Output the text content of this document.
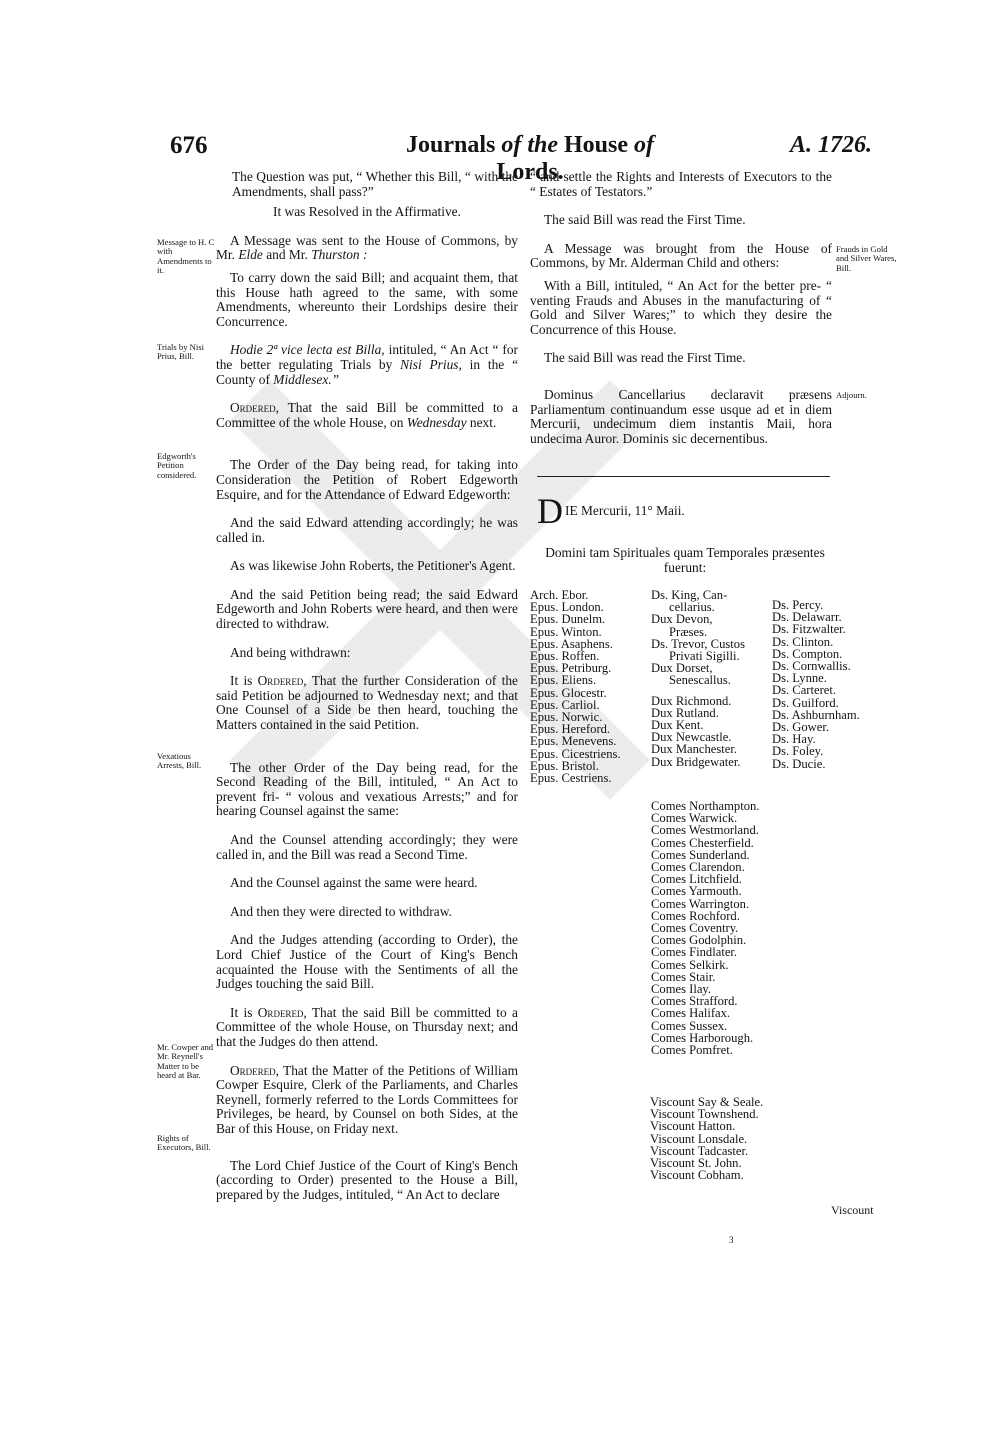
676	Journals of the House of Lords.
A. 1726.
Message to H. C with Amendments to it.
Trials by Nisi Prius, Bill.
Edgworth's Petition considered.
Vexatious Arrests, Bill.
Mr. Cowper and Mr. Reynell's Matter to be heard at Bar.
Rights of Executors, Bill.

The Question was put, “ Whether this Bill, “ with the Amendments, shall pass?”

It was Resolved in the Affirmative.

A Message was sent to the House of Commons, by Mr. Elde and Mr. Thurston :

To carry down the said Bill; and acquaint them, that this House hath agreed to the same, with some Amendments, whereunto their Lordships desire their Concurrence.

Hodie 2ª vice lecta est Billa, intituled, “ An Act “ for the better regulating Trials by Nisi Prius, in the “ County of Middlesex.”

Ordered, That the said Bill be committed to a Committee of the whole House, on Wednesday next.

The Order of the Day being read, for taking into Consideration the Petition of Robert Edgeworth Esquire, and for the Attendance of Edward Edgeworth:

And the said Edward attending accordingly; he was called in.

As was likewise John Roberts, the Petitioner's Agent.

And the said Petition being read; the said Edward Edgeworth and John Roberts were heard, and then were directed to withdraw.

And being withdrawn:

It is Ordered, That the further Consideration of the said Petition be adjourned to Wednesday next; and that One Counsel of a Side be then heard, touching the Matters contained in the said Petition.

The other Order of the Day being read, for the Second Reading of the Bill, intituled, “ An Act to prevent fri- “ volous and vexatious Arrests;” and for hearing Counsel against the same:

And the Counsel attending accordingly; they were called in, and the Bill was read a Second Time.

And the Counsel against the same were heard.

And then they were directed to withdraw.

And the Judges attending (according to Order), the Lord Chief Justice of the Court of King's Bench acquainted the House with the Sentiments of all the Judges touching the said Bill.

It is Ordered, That the said Bill be committed to a Committee of the whole House, on Thursday next; and that the Judges do then attend.

Ordered, That the Matter of the Petitions of William Cowper Esquire, Clerk of the Parliaments, and Charles Reynell, formerly referred to the Lords Committees for Privileges, be heard, by Counsel on both Sides, at the Bar of this House, on Friday next.

The Lord Chief Justice of the Court of King's Bench (according to Order) presented to the House a Bill, prepared by the Judges, intituled, “ An Act to declare

Frauds in Gold and Silver Wares, Bill.
Adjourn.

“ and settle the Rights and Interests of Executors to the “ Estates of Testators.”

The said Bill was read the First Time.

A Message was brought from the House of Commons, by Mr. Alderman Child and others:

With a Bill, intituled, “ An Act for the better pre- “ venting Frauds and Abuses in the manufacturing of “ Gold and Silver Wares;” to which they desire the Concurrence of this House.

The said Bill was read the First Time.

Dominus Cancellarius declaravit præsens Parliamentum continuandum esse usque ad et in diem Mercurii, undecimum diem instantis Maii, hora undecima Auror. Dominis sic decernentibus.

DIE Mercurii, 11° Maii.
Domini tam Spirituales quam Temporales præsentes fuerunt:
Arch. Ebor.
Epus. London.
Epus. Dunelm.
Epus. Winton.
Epus. Asaphens.
Epus. Roffen.
Epus. Petriburg.
Epus. Eliens.
Epus. Glocestr.
Epus. Carliol.
Epus. Norwic.
Epus. Hereford.
Epus. Menevens.
Epus. Cicestriens.
Epus. Bristol.
Epus. Cestriens.
Ds. King, Can-
cellarius.
Dux Devon,
Præses.
Ds. Trevor, Custos
Privati Sigilli.
Dux Dorset,
Senescallus.
Dux Richmond.
Dux Rutland.
Dux Kent.
Dux Newcastle.
Dux Manchester.
Dux Bridgewater.
Ds. Percy.
Ds. Delawarr.
Ds. Fitzwalter.
Ds. Clinton.
Ds. Compton.
Ds. Cornwallis.
Ds. Lynne.
Ds. Carteret.
Ds. Guilford.
Ds. Ashburnham.
Ds. Gower.
Ds. Hay.
Ds. Foley.
Ds. Ducie.
Comes Northampton.
Comes Warwick.
Comes Westmorland.
Comes Chesterfield.
Comes Sunderland.
Comes Clarendon.
Comes Litchfield.
Comes Yarmouth.
Comes Warrington.
Comes Rochford.
Comes Coventry.
Comes Godolphin.
Comes Findlater.
Comes Selkirk.
Comes Stair.
Comes Ilay.
Comes Strafford.
Comes Halifax.
Comes Sussex.
Comes Harborough.
Comes Pomfret.
Viscount Say & Seale.
Viscount Townshend.
Viscount Hatton.
Viscount Lonsdale.
Viscount Tadcaster.
Viscount St. John.
Viscount Cobham.
Viscount
3
